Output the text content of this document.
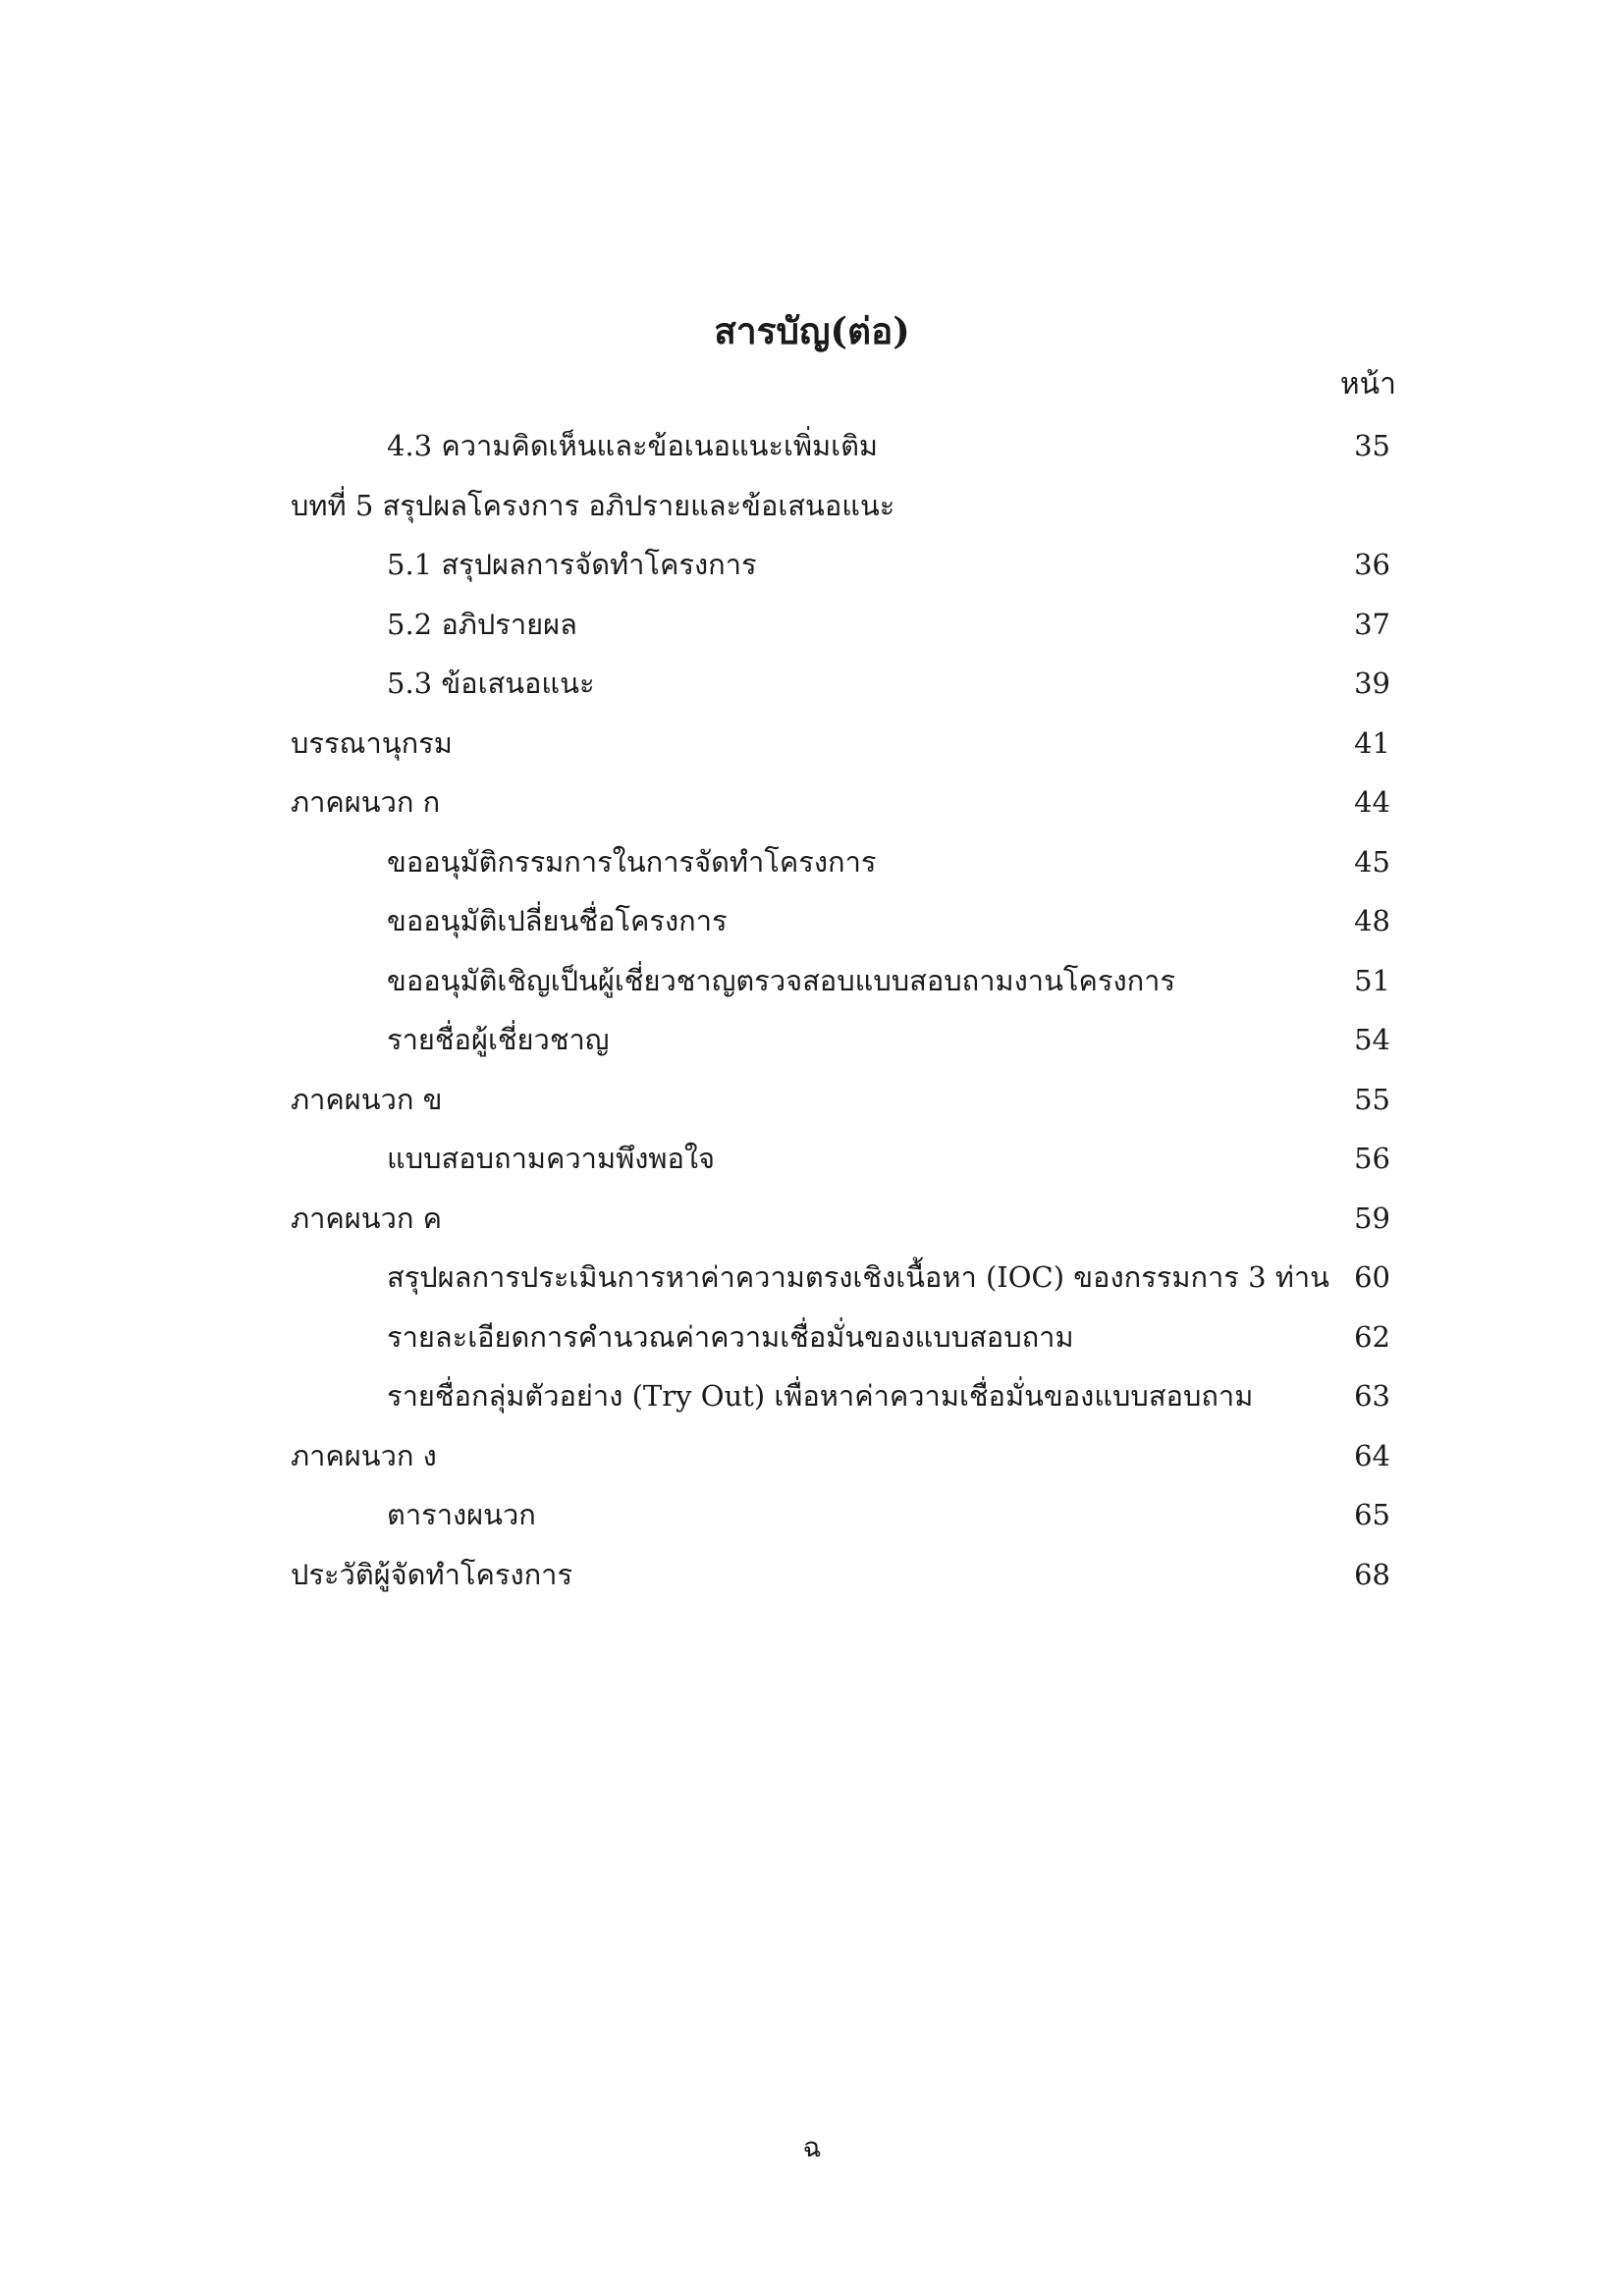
สารบัญ(ต่อ)
หน้า
4.3 ความคิดเห็นและข้อเนอแนะเพิ่มเติม	35
บทที่ 5 สรุปผลโครงการ อภิปรายและข้อเสนอแนะ
5.1 สรุปผลการจัดทำโครงการ	36
5.2 อภิปรายผล	37
5.3 ข้อเสนอแนะ	39
บรรณานุกรม	41
ภาคผนวก ก	44
ขออนุมัติกรรมการในการจัดทำโครงการ	45
ขออนุมัติเปลี่ยนชื่อโครงการ	48
ขออนุมัติเชิญเป็นผู้เชี่ยวชาญตรวจสอบแบบสอบถามงานโครงการ	51
รายชื่อผู้เชี่ยวชาญ	54
ภาคผนวก ข	55
แบบสอบถามความพึงพอใจ	56
ภาคผนวก ค	59
สรุปผลการประเมินการหาค่าความตรงเชิงเนื้อหา (IOC) ของกรรมการ 3 ท่าน 60
รายละเอียดการคำนวณค่าความเชื่อมั่นของแบบสอบถาม	62
รายชื่อกลุ่มตัวอย่าง (Try Out) เพื่อหาค่าความเชื่อมั่นของแบบสอบถาม	63
ภาคผนวก ง	64
ตารางผนวก	65
ประวัติผู้จัดทำโครงการ	68
ฉ
